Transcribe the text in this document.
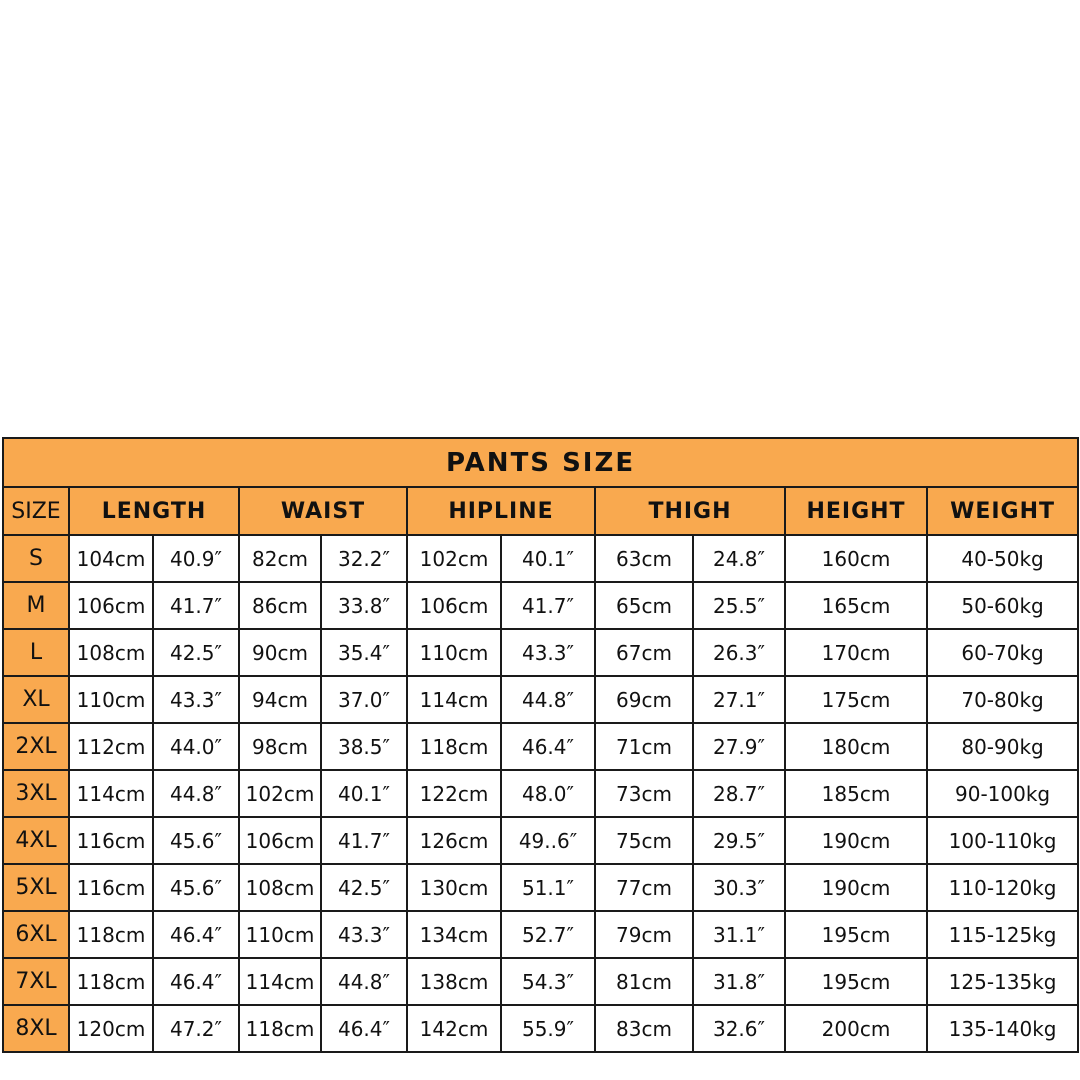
PANTS SIZE										
SIZE	LENGTH		WAIST		HIPLINE		THIGH		HEIGHT	WEIGHT
S	104cm	40.9″	82cm	32.2″	102cm	40.1″	63cm	24.8″	160cm	40-50kg
M	106cm	41.7″	86cm	33.8″	106cm	41.7″	65cm	25.5″	165cm	50-60kg
L	108cm	42.5″	90cm	35.4″	110cm	43.3″	67cm	26.3″	170cm	60-70kg
XL	110cm	43.3″	94cm	37.0″	114cm	44.8″	69cm	27.1″	175cm	70-80kg
2XL	112cm	44.0″	98cm	38.5″	118cm	46.4″	71cm	27.9″	180cm	80-90kg
3XL	114cm	44.8″	102cm	40.1″	122cm	48.0″	73cm	28.7″	185cm	90-100kg
4XL	116cm	45.6″	106cm	41.7″	126cm	49..6″	75cm	29.5″	190cm	100-110kg
5XL	116cm	45.6″	108cm	42.5″	130cm	51.1″	77cm	30.3″	190cm	110-120kg
6XL	118cm	46.4″	110cm	43.3″	134cm	52.7″	79cm	31.1″	195cm	115-125kg
7XL	118cm	46.4″	114cm	44.8″	138cm	54.3″	81cm	31.8″	195cm	125-135kg
8XL	120cm	47.2″	118cm	46.4″	142cm	55.9″	83cm	32.6″	200cm	135-140kg
